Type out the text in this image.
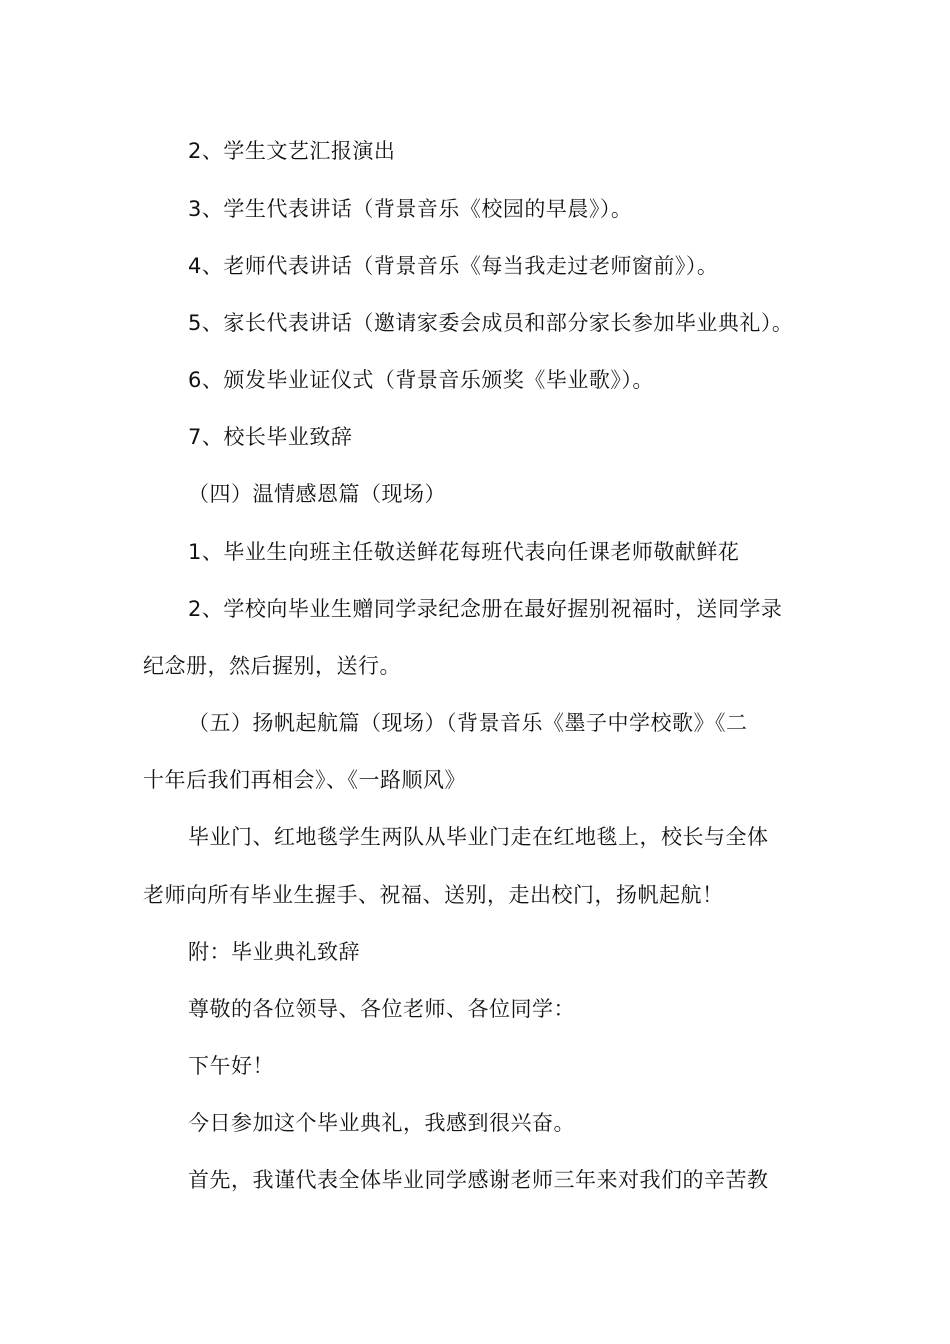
2、学生文艺汇报演出
3、学生代表讲话（背景音乐《校园的早晨》）。
4、老师代表讲话（背景音乐《每当我走过老师窗前》）。
5、家长代表讲话（邀请家委会成员和部分家长参加毕业典礼）。
6、颁发毕业证仪式（背景音乐颁奖《毕业歌》）。
7、校长毕业致辞
（四）温情感恩篇（现场）
1、毕业生向班主任敬送鲜花每班代表向任课老师敬献鲜花
2、学校向毕业生赠同学录纪念册在最好握别祝福时，送同学录
纪念册，然后握别，送行。
（五）扬帆起航篇（现场）（背景音乐《墨子中学校歌》《二
十年后我们再相会》、《一路顺风》
毕业门、红地毯学生两队从毕业门走在红地毯上，校长与全体
老师向所有毕业生握手、祝福、送别，走出校门，扬帆起航！
附：毕业典礼致辞
尊敬的各位领导、各位老师、各位同学：
下午好！
今日参加这个毕业典礼，我感到很兴奋。
首先，我谨代表全体毕业同学感谢老师三年来对我们的辛苦教
